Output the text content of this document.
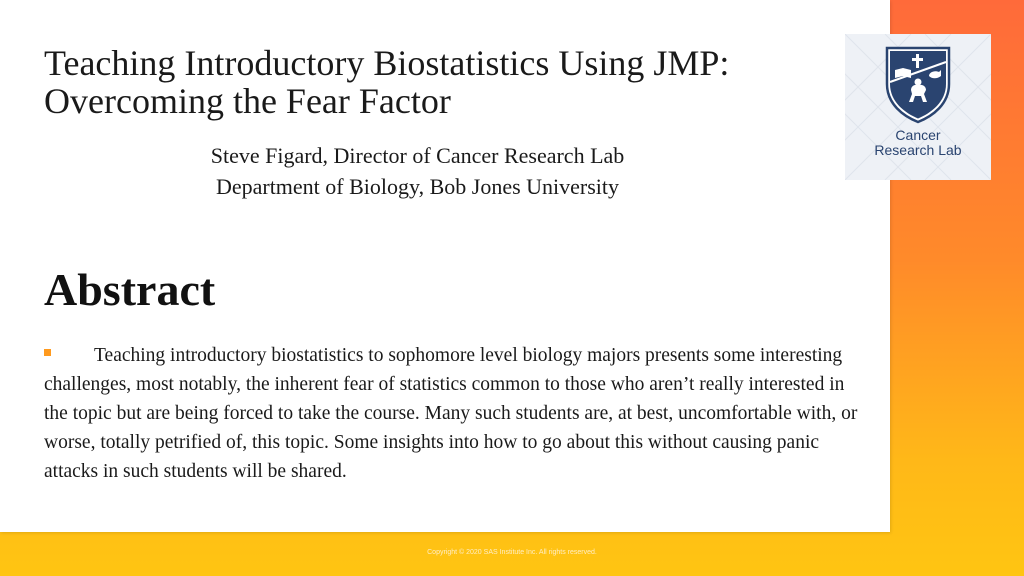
Teaching Introductory Biostatistics Using JMP:
Overcoming the Fear Factor
Steve Figard, Director of Cancer Research Lab
Department of Biology, Bob Jones University
Abstract
Teaching introductory biostatistics to sophomore level biology majors presents some interesting challenges, most notably, the inherent fear of statistics common to those who aren’t really interested in the topic but are being forced to take the course. Many such students are, at best, uncomfortable with, or worse, totally petrified of, this topic. Some insights into how to go about this without causing panic attacks in such students will be shared.
Cancer
Research Lab
Copyright © 2020 SAS Institute Inc. All rights reserved.
